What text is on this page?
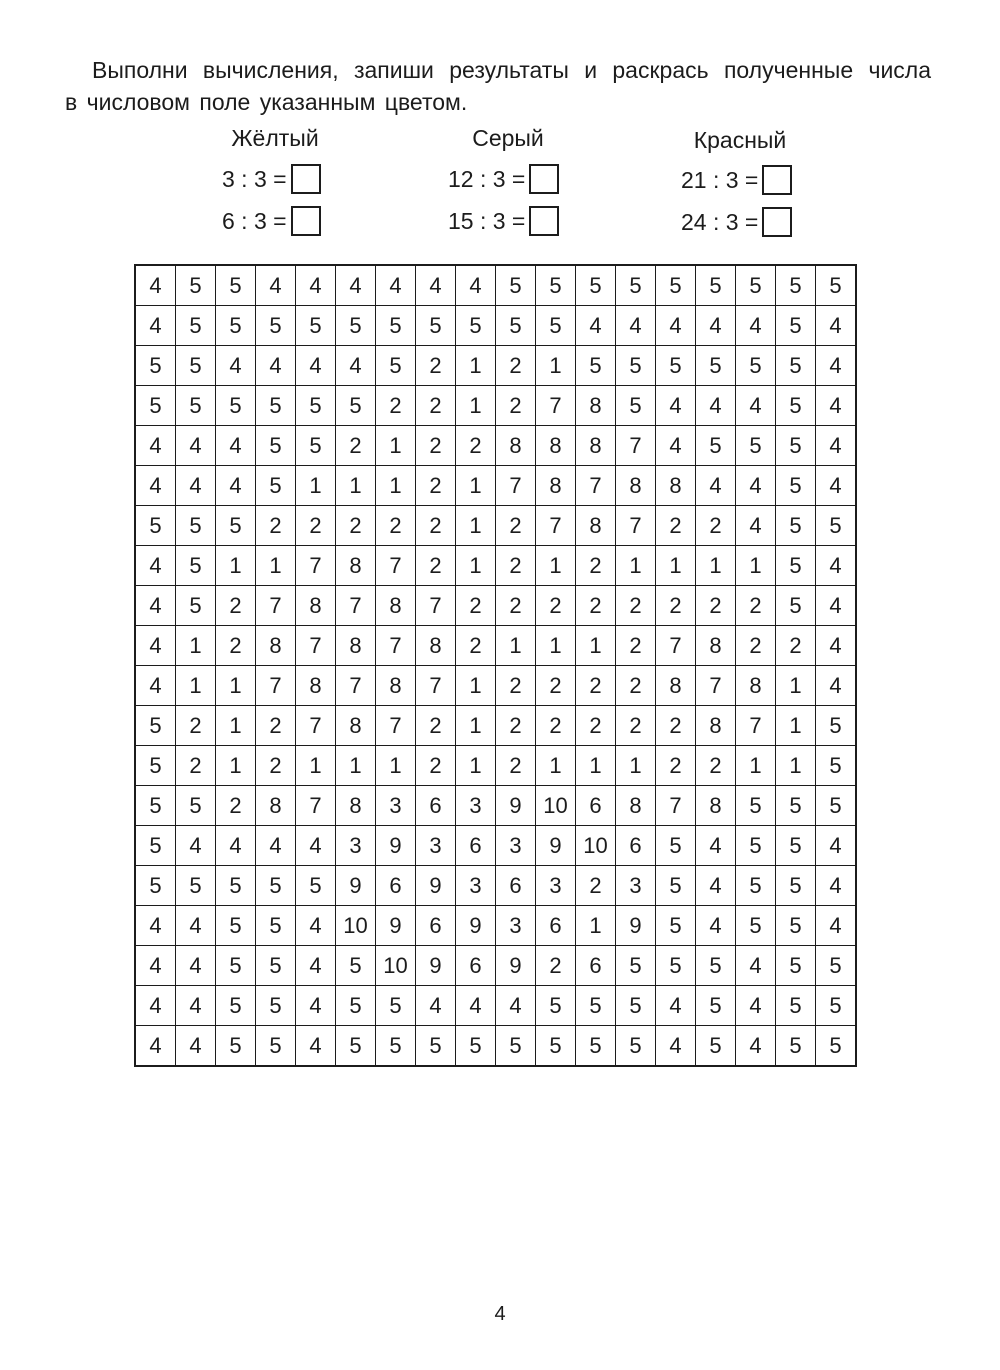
Выполни вычисления, запиши результаты и раскрась полученные числа
в числовом поле указанным цветом.
Жёлтый
3 : 3 =
6 : 3 =
Серый
12 : 3 =
15 : 3 =
Красный
21 : 3 =
24 : 3 =
4	5	5	4	4	4	4	4	4	5	5	5	5	5	5	5	5	5
4	5	5	5	5	5	5	5	5	5	5	4	4	4	4	4	5	4
5	5	4	4	4	4	5	2	1	2	1	5	5	5	5	5	5	4
5	5	5	5	5	5	2	2	1	2	7	8	5	4	4	4	5	4
4	4	4	5	5	2	1	2	2	8	8	8	7	4	5	5	5	4
4	4	4	5	1	1	1	2	1	7	8	7	8	8	4	4	5	4
5	5	5	2	2	2	2	2	1	2	7	8	7	2	2	4	5	5
4	5	1	1	7	8	7	2	1	2	1	2	1	1	1	1	5	4
4	5	2	7	8	7	8	7	2	2	2	2	2	2	2	2	5	4
4	1	2	8	7	8	7	8	2	1	1	1	2	7	8	2	2	4
4	1	1	7	8	7	8	7	1	2	2	2	2	8	7	8	1	4
5	2	1	2	7	8	7	2	1	2	2	2	2	2	8	7	1	5
5	2	1	2	1	1	1	2	1	2	1	1	1	2	2	1	1	5
5	5	2	8	7	8	3	6	3	9	10	6	8	7	8	5	5	5
5	4	4	4	4	3	9	3	6	3	9	10	6	5	4	5	5	4
5	5	5	5	5	9	6	9	3	6	3	2	3	5	4	5	5	4
4	4	5	5	4	10	9	6	9	3	6	1	9	5	4	5	5	4
4	4	5	5	4	5	10	9	6	9	2	6	5	5	5	4	5	5
4	4	5	5	4	5	5	4	4	4	5	5	5	4	5	4	5	5
4	4	5	5	4	5	5	5	5	5	5	5	5	4	5	4	5	5
4
